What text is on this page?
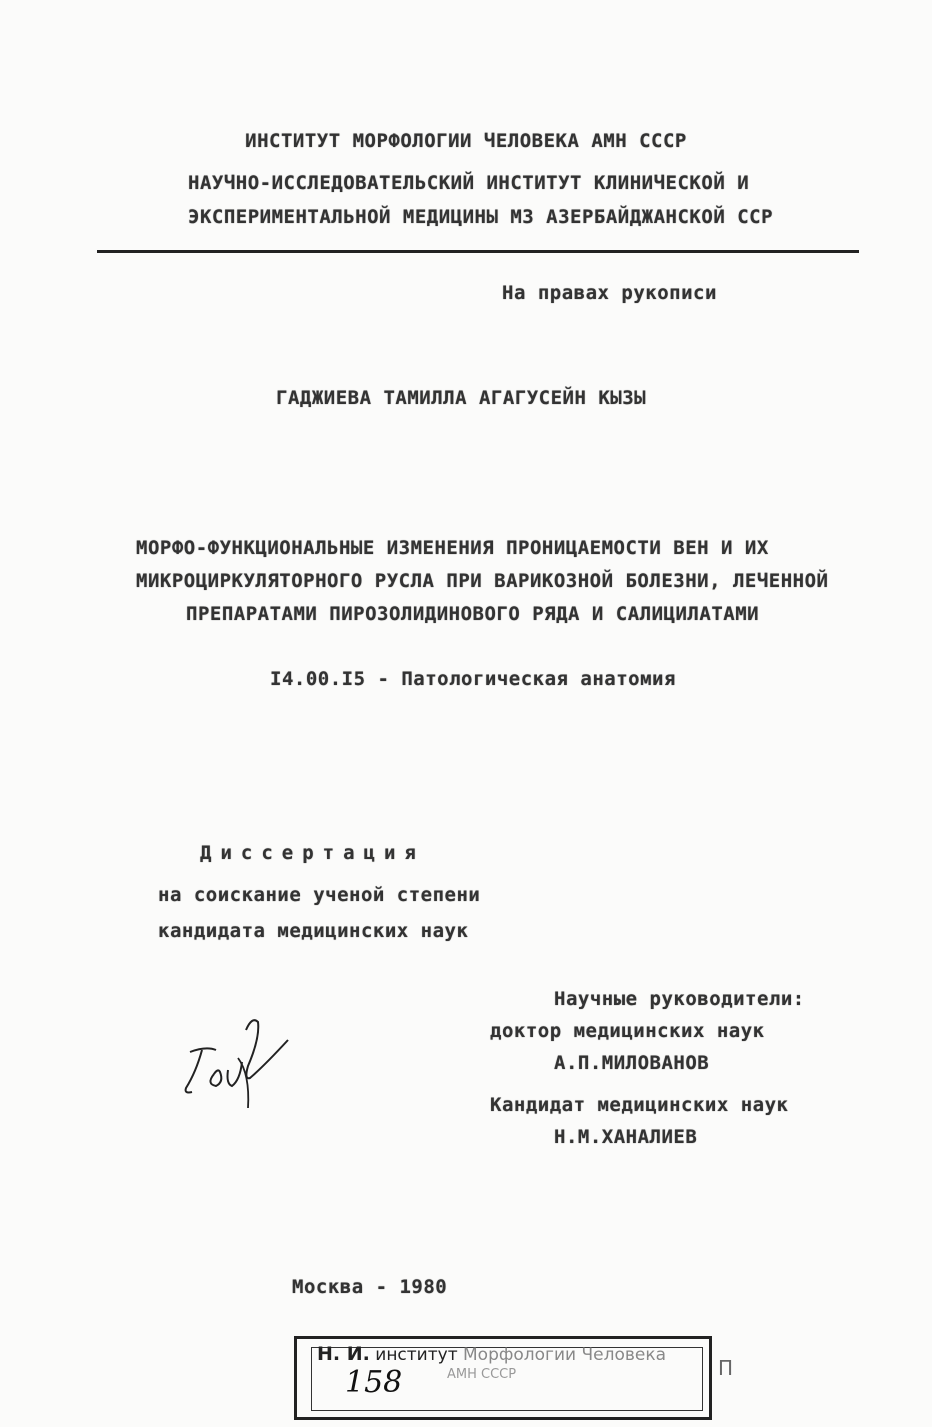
ИНСТИТУТ МОРФОЛОГИИ ЧЕЛОВЕКА АМН СССР
НАУЧНО-ИССЛЕДОВАТЕЛЬСКИЙ ИНСТИТУТ КЛИНИЧЕСКОЙ И
ЭКСПЕРИМЕНТАЛЬНОЙ МЕДИЦИНЫ МЗ АЗЕРБАЙДЖАНСКОЙ ССР
На правах рукописи
ГАДЖИЕВА ТАМИЛЛА АГАГУСЕЙН КЫЗЫ
МОРФО-ФУНКЦИОНАЛЬНЫЕ ИЗМЕНЕНИЯ ПРОНИЦАЕМОСТИ ВЕН И ИХ
МИКРОЦИРКУЛЯТОРНОГО РУСЛА ПРИ ВАРИКОЗНОЙ БОЛЕЗНИ, ЛЕЧЕННОЙ
ПРЕПАРАТАМИ ПИРОЗОЛИДИНОВОГО РЯДА И САЛИЦИЛАТАМИ
I4.00.I5 - Патологическая анатомия
Диссертация
на соискание ученой степени
кандидата медицинских наук
Научные руководители:
доктор медицинских наук
А.П.МИЛОВАНОВ
Кандидат медицинских наук
Н.М.ХАНАЛИЕВ
Москва - 1980
Н. И. институт Морфологии Человека
АМН СССР
158	П
